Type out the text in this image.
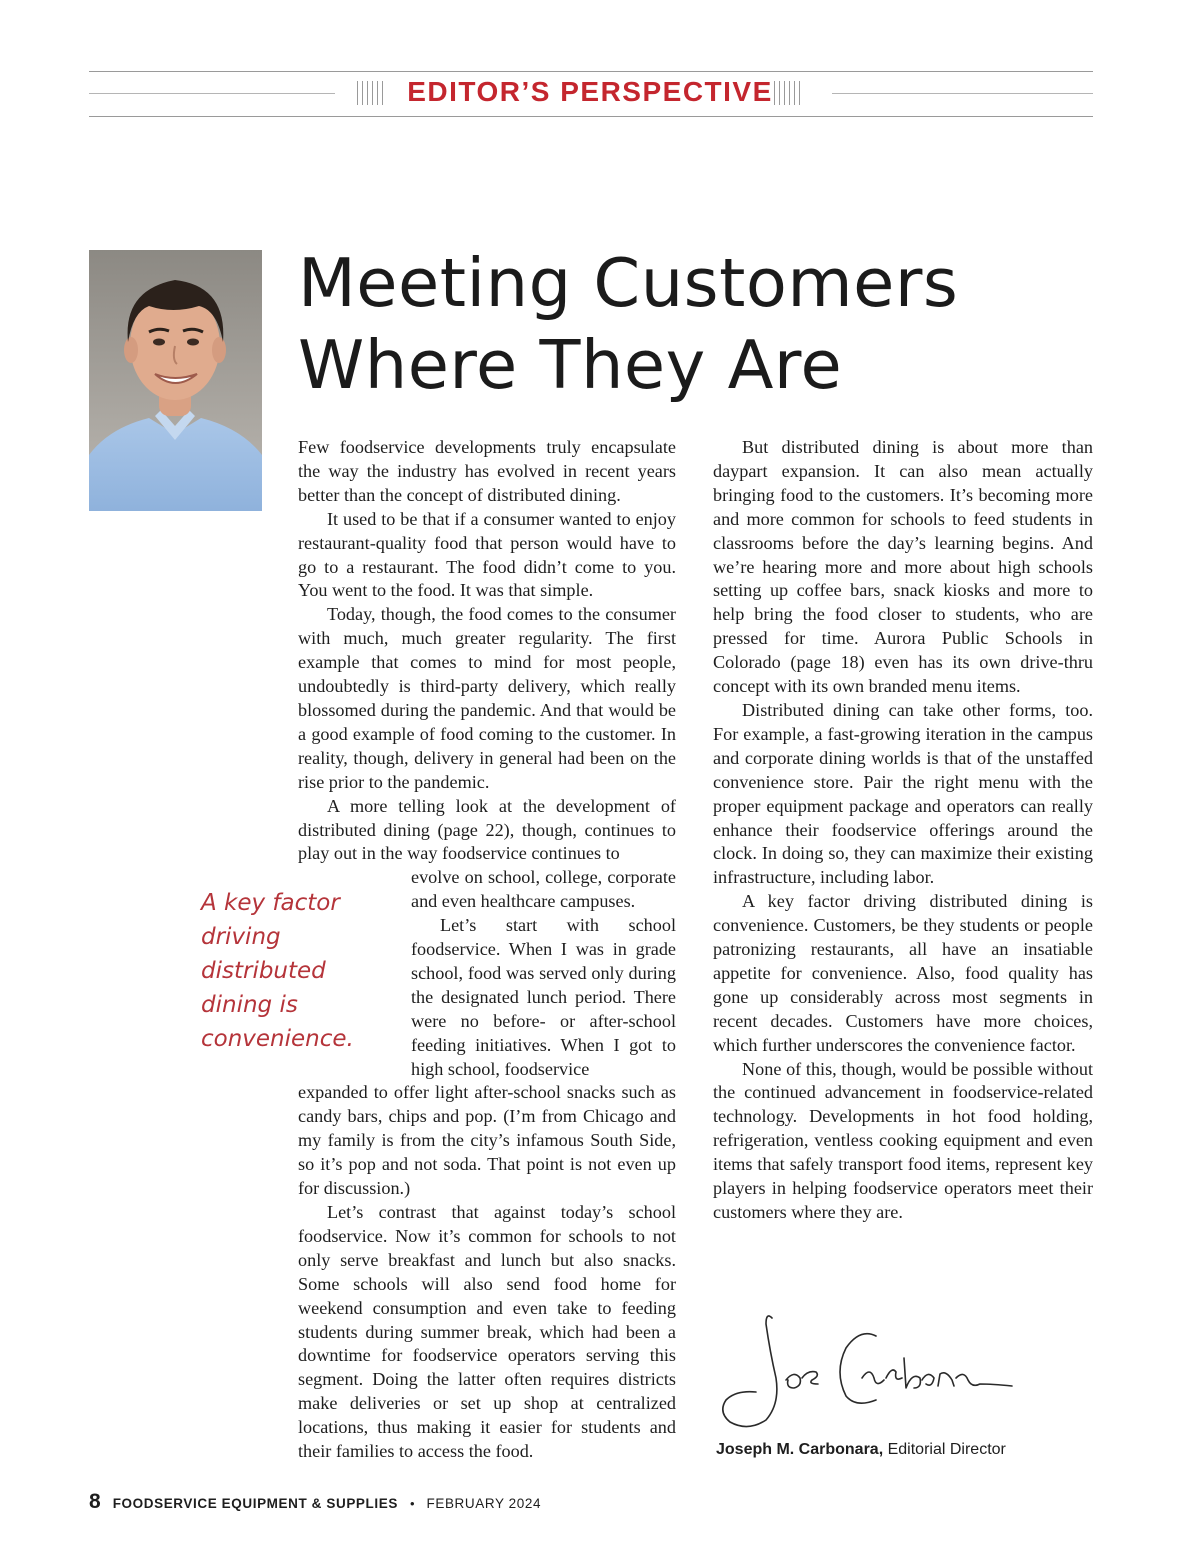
EDITOR’S PERSPECTIVE
Meeting Customers
Where They Are

Few foodservice developments truly encapsulate the way the industry has evolved in recent years better than the concept of distributed dining.

It used to be that if a consumer wanted to enjoy restaurant-quality food that person would have to go to a restaurant. The food didn’t come to you. You went to the food. It was that simple.

Today, though, the food comes to the consumer with much, much greater regularity. The first example that comes to mind for most people, undoubtedly is third-party delivery, which really blossomed during the pandemic. And that would be a good example of food coming to the customer. In reality, though, delivery in general had been on the rise prior to the pandemic.

A more telling look at the development of distributed dining (page 22), though, continues to play out in the way foodservice continues to

evolve on school, college, corporate and even healthcare campuses.

Let’s start with school foodservice. When I was in grade school, food was served only during the designated lunch period. There were no before- or after-school feeding initiatives. When I got to high school, foodservice

expanded to offer light after-school snacks such as candy bars, chips and pop. (I’m from Chicago and my family is from the city’s infamous South Side, so it’s pop and not soda. That point is not even up for discussion.)

Let’s contrast that against today’s school foodservice. Now it’s common for schools to not only serve breakfast and lunch but also snacks. Some schools will also send food home for weekend consumption and even take to feeding students during summer break, which had been a downtime for foodservice operators serving this segment. Doing the latter often requires districts make deliveries or set up shop at centralized locations, thus making it easier for students and their families to access the food.

A key factor driving distributed dining is convenience.

But distributed dining is about more than daypart expansion. It can also mean actually bringing food to the customers. It’s becoming more and more common for schools to feed students in classrooms before the day’s learning begins. And we’re hearing more and more about high schools setting up coffee bars, snack kiosks and more to help bring the food closer to students, who are pressed for time. Aurora Public Schools in Colorado (page 18) even has its own drive-thru concept with its own branded menu items.

Distributed dining can take other forms, too. For example, a fast-growing iteration in the campus and corporate dining worlds is that of the unstaffed convenience store. Pair the right menu with the proper equipment package and operators can really enhance their foodservice offerings around the clock. In doing so, they can maximize their existing infrastructure, including labor.

A key factor driving distributed dining is convenience. Customers, be they students or people patronizing restaurants, all have an insatiable appetite for convenience. Also, food quality has gone up considerably across most segments in recent decades. Customers have more choices, which further underscores the convenience factor.

None of this, though, would be possible without the continued advancement in foodservice-related technology. Developments in hot food holding, refrigeration, ventless cooking equipment and even items that safely transport food items, represent key players in helping foodservice operators meet their customers where they are.

Joseph M. Carbonara, Editorial Director
8 FOODSERVICE EQUIPMENT & SUPPLIES • FEBRUARY 2024
